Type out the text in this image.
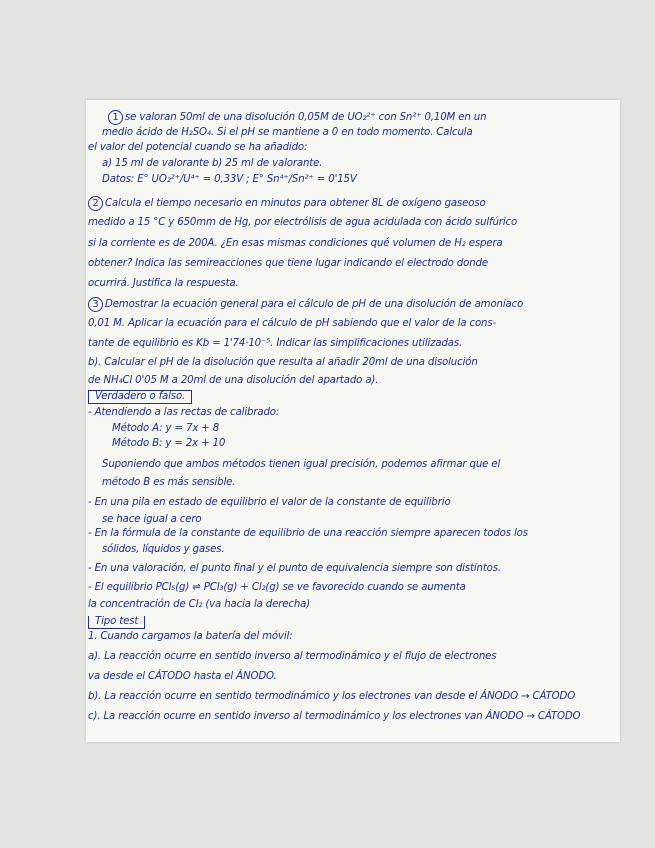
1 se valoran 50ml de una disolución 0,05M de UO₂²⁺ con Sn²⁺ 0,10M en un
medio ácido de H₂SO₄. Si el pH se mantiene a 0 en todo momento. Calcula
el valor del potencial cuando se ha añadido:
a) 15 ml de valorante b) 25 ml de valorante.
Datos: E° UO₂²⁺/U⁴⁺ = 0,33V ; E° Sn⁴⁺/Sn²⁺ = 0'15V
2 Calcula el tiempo necesario en minutos para obtener 8L de oxígeno gaseoso
medido a 15 °C y 650mm de Hg, por electrólisis de agua acidulada con ácido sulfúrico
si la corriente es de 200A. ¿En esas mismas condiciones qué volumen de H₂ espera
obtener? Indica las semireacciones que tiene lugar indicando el electrodo donde
ocurrirá. Justifica la respuesta.
3 Demostrar la ecuación general para el cálculo de pH de una disolución de amoniaco
0,01 M. Aplicar la ecuación para el cálculo de pH sabiendo que el valor de la cons-
tante de equilibrio es Kb = 1'74·10⁻⁵. Indicar las simplificaciones utilizadas.
b). Calcular el pH de la disolución que resulta al añadir 20ml de una disolución
de NH₄Cl 0'05 M a 20ml de una disolución del apartado a).
Verdadero o falso.
- Atendiendo a las rectas de calibrado:
Método A: y = 7x + 8
Método B: y = 2x + 10
Suponiendo que ambos métodos tienen igual precisión, podemos afirmar que el
método B es más sensible.
- En una pila en estado de equilibrio el valor de la constante de equilibrio
se hace igual a cero
- En la fórmula de la constante de equilibrio de una reacción siempre aparecen todos los
sólidos, líquidos y gases.
- En una valoración, el punto final y el punto de equivalencia siempre son distintos.
- El equilibrio PCl₅(g) ⇌ PCl₃(g) + Cl₂(g) se ve favorecido cuando se aumenta
la concentración de Cl₂ (va hacia la derecha)
Tipo test
1. Cuando cargamos la batería del móvil:
a). La reacción ocurre en sentido inverso al termodinámico y el flujo de electrones
va desde el CÁTODO hasta el ÁNODO.
b). La reacción ocurre en sentido termodinámico y los electrones van desde el ÁNODO → CÁTODO
c). La reacción ocurre en sentido inverso al termodinámico y los electrones van ÁNODO → CÁTODO
